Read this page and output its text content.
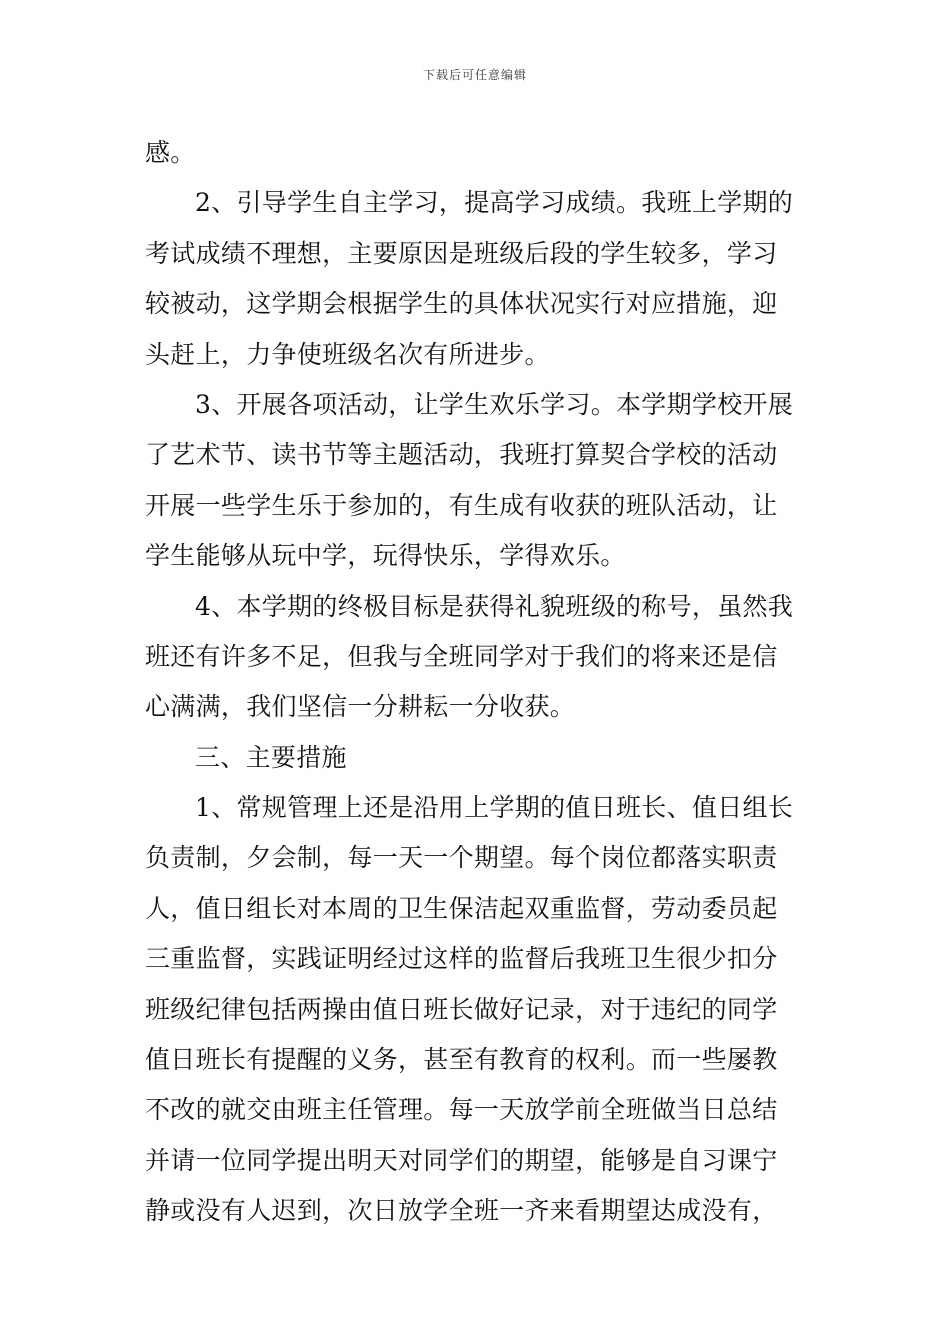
下载后可任意编辑
感。
2、引导学生自主学习，提高学习成绩。我班上学期的
考试成绩不理想，主要原因是班级后段的学生较多，学习
较被动，这学期会根据学生的具体状况实行对应措施，迎
头赶上，力争使班级名次有所进步。
3、开展各项活动，让学生欢乐学习。本学期学校开展
了艺术节、读书节等主题活动，我班打算契合学校的活动
开展一些学生乐于参加的，有生成有收获的班队活动，让
学生能够从玩中学，玩得快乐，学得欢乐。
4、本学期的终极目标是获得礼貌班级的称号，虽然我
班还有许多不足，但我与全班同学对于我们的将来还是信
心满满，我们坚信一分耕耘一分收获。
三、主要措施
1、常规管理上还是沿用上学期的值日班长、值日组长
负责制，夕会制，每一天一个期望。每个岗位都落实职责
人，值日组长对本周的卫生保洁起双重监督，劳动委员起
三重监督，实践证明经过这样的监督后我班卫生很少扣分
班级纪律包括两操由值日班长做好记录，对于违纪的同学
值日班长有提醒的义务，甚至有教育的权利。而一些屡教
不改的就交由班主任管理。每一天放学前全班做当日总结
并请一位同学提出明天对同学们的期望，能够是自习课宁
静或没有人迟到，次日放学全班一齐来看期望达成没有，
